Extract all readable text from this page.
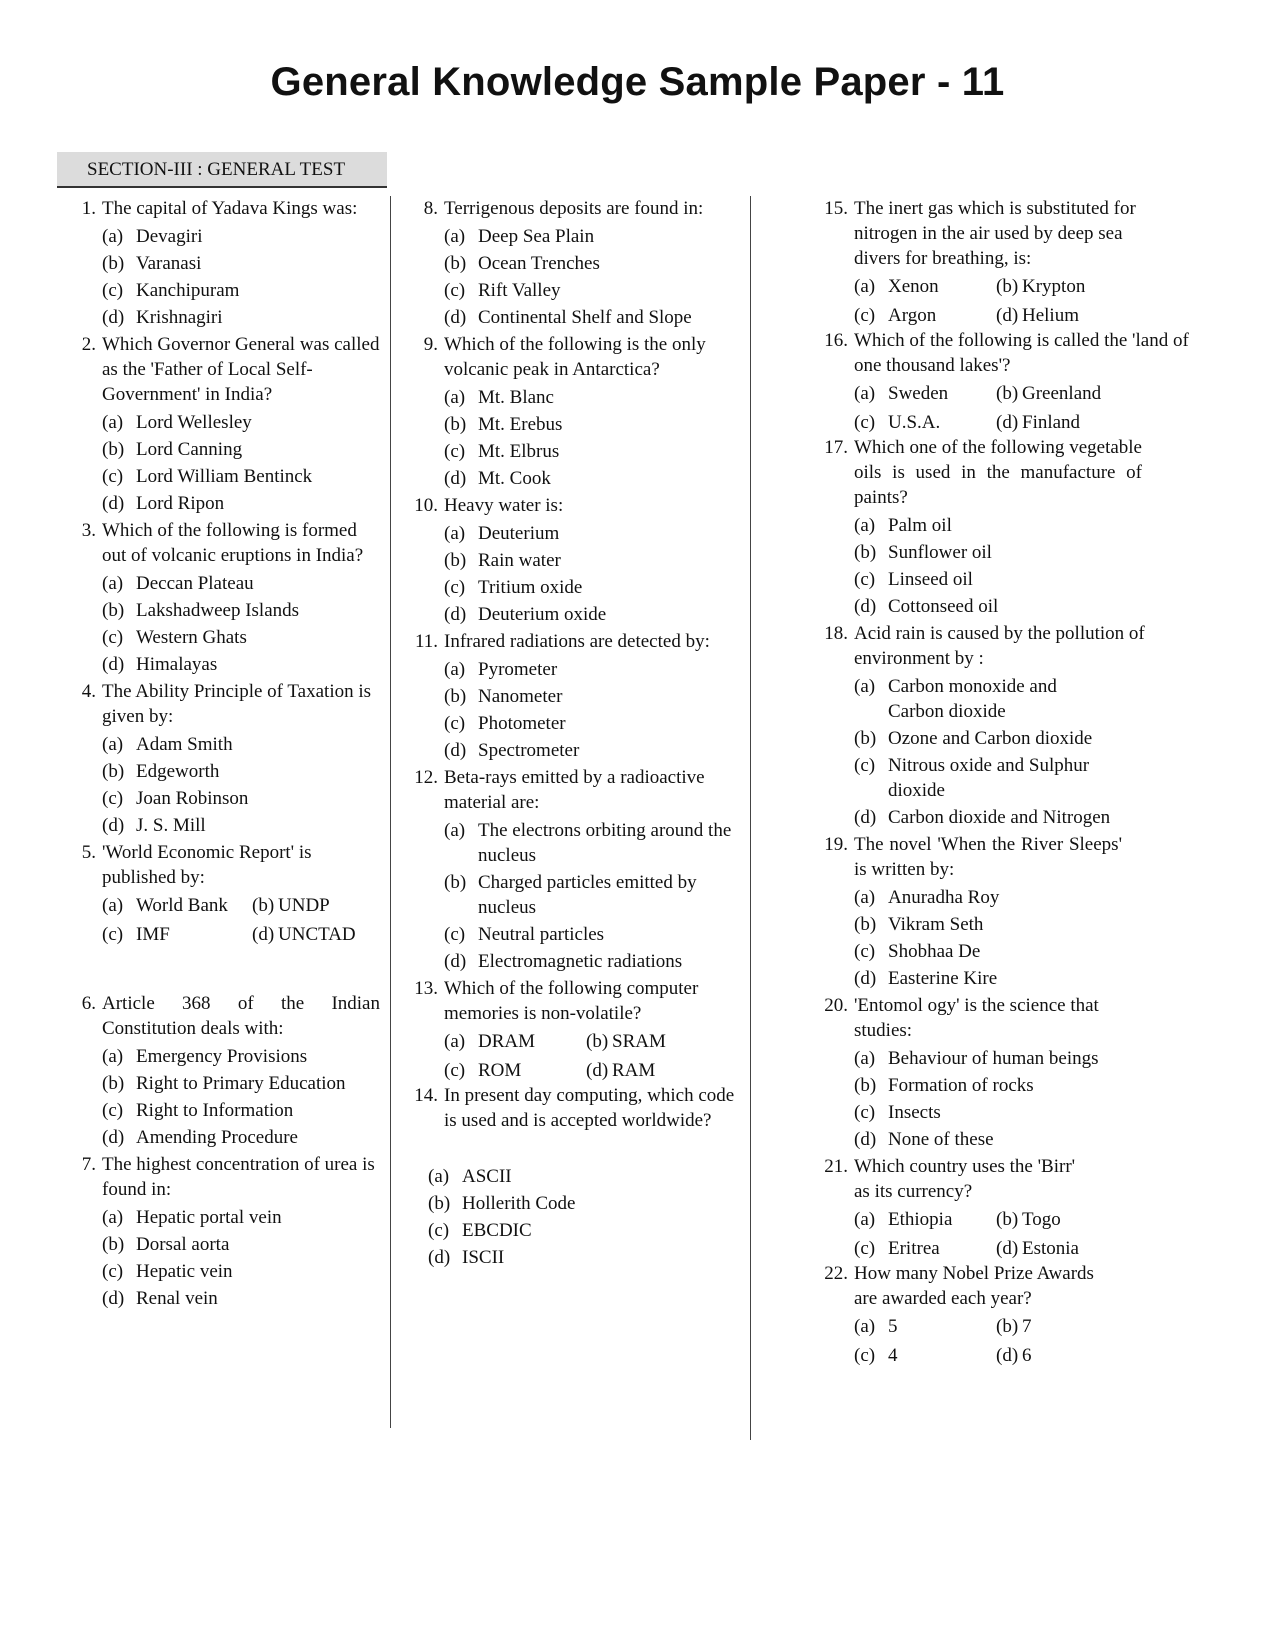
General Knowledge Sample Paper - 11
SECTION-III : GENERAL TEST
1. The capital of Yadava Kings was:
(a) Devagiri
(b) Varanasi
(c) Kanchipuram
(d) Krishnagiri
2. Which Governor General was called as the 'Father of Local Self-Government' in India?
(a) Lord Wellesley
(b) Lord Canning
(c) Lord William Bentinck
(d) Lord Ripon
3. Which of the following is formed out of volcanic eruptions in India?
(a) Deccan Plateau
(b) Lakshadweep Islands
(c) Western Ghats
(d) Himalayas
4. The Ability Principle of Taxation is given by:
(a) Adam Smith
(b) Edgeworth
(c) Joan Robinson
(d) J. S. Mill
5. 'World Economic Report' is published by:
(a) World Bank (b) UNDP
(c) IMF	(d) UNCTAD
6. Article 368 of the Indian Constitution deals with:
(a) Emergency Provisions
(b) Right to Primary Education
(c) Right to Information
(d) Amending Procedure
7. The highest concentration of urea is found in:
(a) Hepatic portal vein
(b) Dorsal aorta
(c) Hepatic vein
(d) Renal vein
8. Terrigenous deposits are found in:
(a) Deep Sea Plain
(b) Ocean Trenches
(c) Rift Valley
(d) Continental Shelf and Slope
9. Which of the following is the only volcanic peak in Antarctica?
(a) Mt. Blanc
(b) Mt. Erebus
(c) Mt. Elbrus
(d) Mt. Cook
10. Heavy water is:
(a) Deuterium
(b) Rain water
(c) Tritium oxide
(d) Deuterium oxide
11. Infrared radiations are detected by:
(a) Pyrometer
(b) Nanometer
(c) Photometer
(d) Spectrometer
12. Beta-rays emitted by a radioactive material are:
(a) The electrons orbiting around the nucleus
(b) Charged particles emitted by nucleus
(c) Neutral particles
(d) Electromagnetic radiations
13. Which of the following computer memories is non-volatile?
(a) DRAM	(b) SRAM
(c) ROM	(d) RAM
14. In present day computing, which code is used and is accepted worldwide?
(a) ASCII
(b) Hollerith Code
(c) EBCDIC
(d) ISCII
15. The inert gas which is substituted for nitrogen in the air used by deep sea divers for breathing, is:
(a) Xenon	(b) Krypton
(c) Argon	(d) Helium
16. Which of the following is called the 'land of one thousand lakes'?
(a) Sweden	(b) Greenland
(c) U.S.A.	(d) Finland
17. Which one of the following vegetable oils is used in the manufacture of paints?
(a) Palm oil
(b) Sunflower oil
(c) Linseed oil
(d) Cottonseed oil
18. Acid rain is caused by the pollution of environment by :
(a) Carbon monoxide and Carbon dioxide
(b) Ozone and Carbon dioxide
(c) Nitrous oxide and Sulphur dioxide
(d) Carbon dioxide and Nitrogen
19. The novel 'When the River Sleeps' is written by:
(a) Anuradha Roy
(b) Vikram Seth
(c) Shobhaa De
(d) Easterine Kire
20. 'Entomol ogy' is the science that studies:
(a) Behaviour of human beings
(b) Formation of rocks
(c) Insects
(d) None of these
21. Which country uses the 'Birr' as its currency?
(a) Ethiopia (b) Togo
(c) Eritrea	(d) Estonia
22. How many Nobel Prize Awards are awarded each year?
(a) 5	(b) 7
(c) 4	(d) 6
